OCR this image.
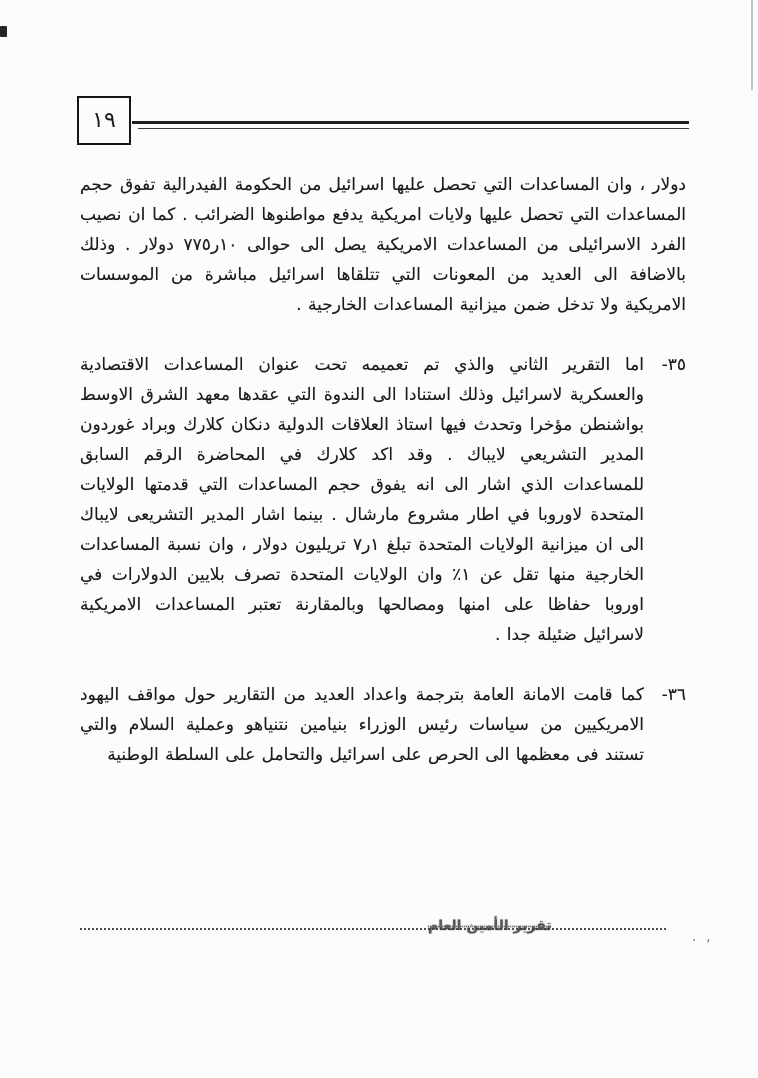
١٩

دولار ، وان المساعدات التي تحصل عليها اسرائيل من الحكومة الفيدرالية تفوق حجم المساعدات التي تحصل عليها ولايات امريكية يدفع مواطنوها الضرائب . كما ان نصيب الفرد الاسرائيلى من المساعدات الامريكية يصل الى حوالى ١٠ر٧٧٥ دولار . وذلك بالاضافة الى العديد من المعونات التي تتلقاها اسرائيل مباشرة من الموسسات الامريكية ولا تدخل ضمن ميزانية المساعدات الخارجية .

٣٥-
اما التقرير الثاني والذي تم تعميمه تحت عنوان المساعدات الاقتصادية والعسكرية لاسرائيل وذلك استنادا الى الندوة التي عقدها معهد الشرق الاوسط بواشنطن مؤخرا وتحدث فيها استاذ العلاقات الدولية دنكان كلارك وبراد غوردون المدير التشريعي لايباك . وقد اكد كلارك في المحاضرة الرقم السابق للمساعدات الذي اشار الى انه يفوق حجم المساعدات التي قدمتها الولايات المتحدة لاوروبا في اطار مشروع مارشال . بينما اشار المدير التشريعى لايباك الى ان ميزانية الولايات المتحدة تبلغ ١ر٧ تريليون دولار ، وان نسبة المساعدات الخارجية منها تقل عن ١٪ وان الولايات المتحدة تصرف بلايين الدولارات في اوروبا حفاظا على امنها ومصالحها وبالمقارنة تعتبر المساعدات الامريكية لاسرائيل ضئيلة جدا .

٣٦-
كما قامت الامانة العامة بترجمة واعداد العديد من التقارير حول مواقف اليهود الامريكيين من سياسات رئيس الوزراء بنيامين نتنياهو وعملية السلام والتي تستند فى معظمها الى الحرص على اسرائيل والتحامل على السلطة الوطنية

تقرير الأمين العام
. ,
